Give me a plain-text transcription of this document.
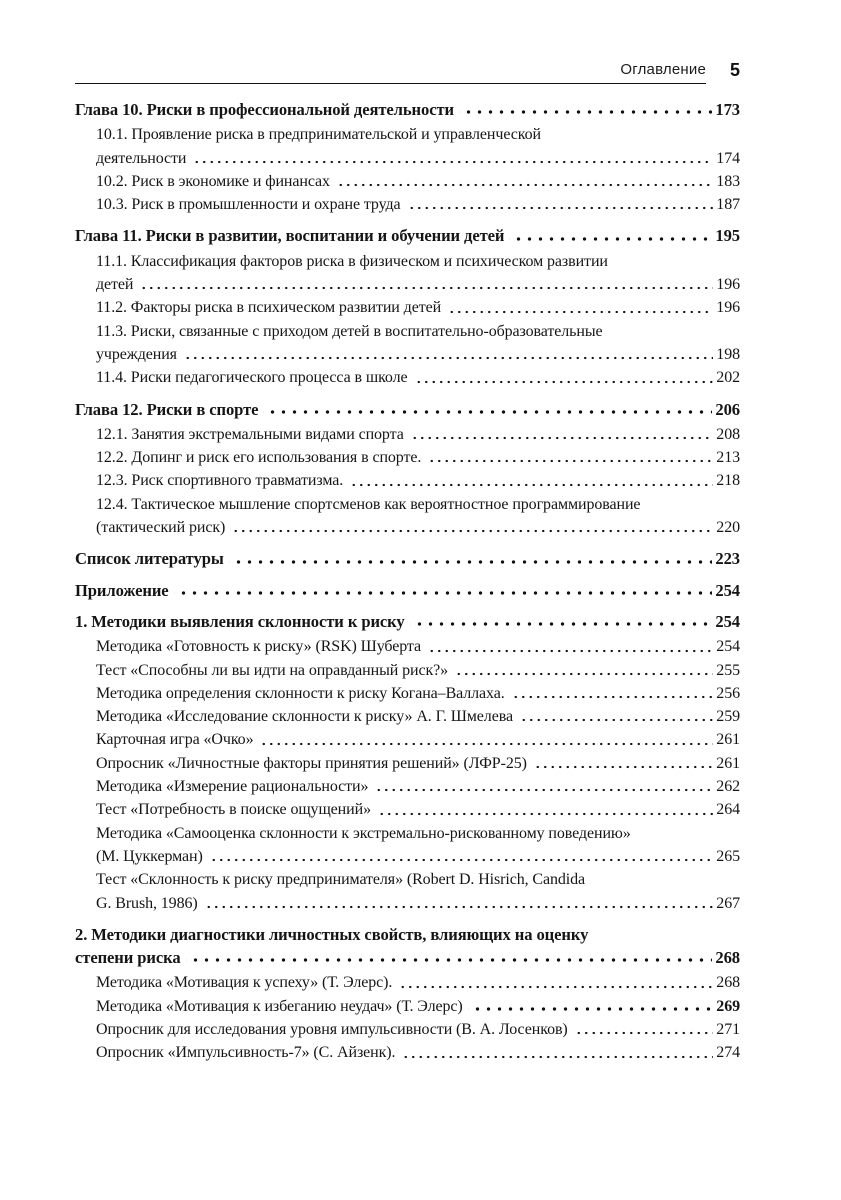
Оглавление	5
Глава 10. Риски в профессиональной деятельности	173
10.1. Проявление риска в предпринимательской и управленческой
деятельности	174
10.2. Риск в экономике и финансах	183
10.3. Риск в промышленности и охране труда	187
Глава 11. Риски в развитии, воспитании и обучении детей	195
11.1. Классификация факторов риска в физическом и психическом развитии
детей	196
11.2. Факторы риска в психическом развитии детей	196
11.3. Риски, связанные с приходом детей в воспитательно-образовательные
учреждения	198
11.4. Риски педагогического процесса в школе	202
Глава 12. Риски в спорте	206
12.1. Занятия экстремальными видами спорта	208
12.2. Допинг и риск его использования в спорте.	213
12.3. Риск спортивного травматизма.	218
12.4. Тактическое мышление спортсменов как вероятностное программирование
(тактический риск)	220
Список литературы	223
Приложение	254
1. Методики выявления склонности к риску	254
Методика «Готовность к риску» (RSK) Шуберта	254
Тест «Способны ли вы идти на оправданный риск?»	255
Методика определения склонности к риску Когана–Валлаха.	256
Методика «Исследование склонности к риску» А. Г. Шмелева	259
Карточная игра «Очко»	261
Опросник «Личностные факторы принятия решений» (ЛФР-25)	261
Методика «Измерение рациональности»	262
Тест «Потребность в поиске ощущений»	264
Методика «Самооценка склонности к экстремально-рискованному поведению»
(М. Цуккерман)	265
Тест «Склонность к риску предпринимателя» (Robert D. Hisrich, Candida
G. Brush, 1986)	267
2. Методики диагностики личностных свойств, влияющих на оценку
степени риска	268
Методика «Мотивация к успеху» (Т. Элерс).	268
Методика «Мотивация к избеганию неудач» (Т. Элерс)	269
Опросник для исследования уровня импульсивности (В. А. Лосенков)	271
Опросник «Импульсивность-7» (С. Айзенк).	274
